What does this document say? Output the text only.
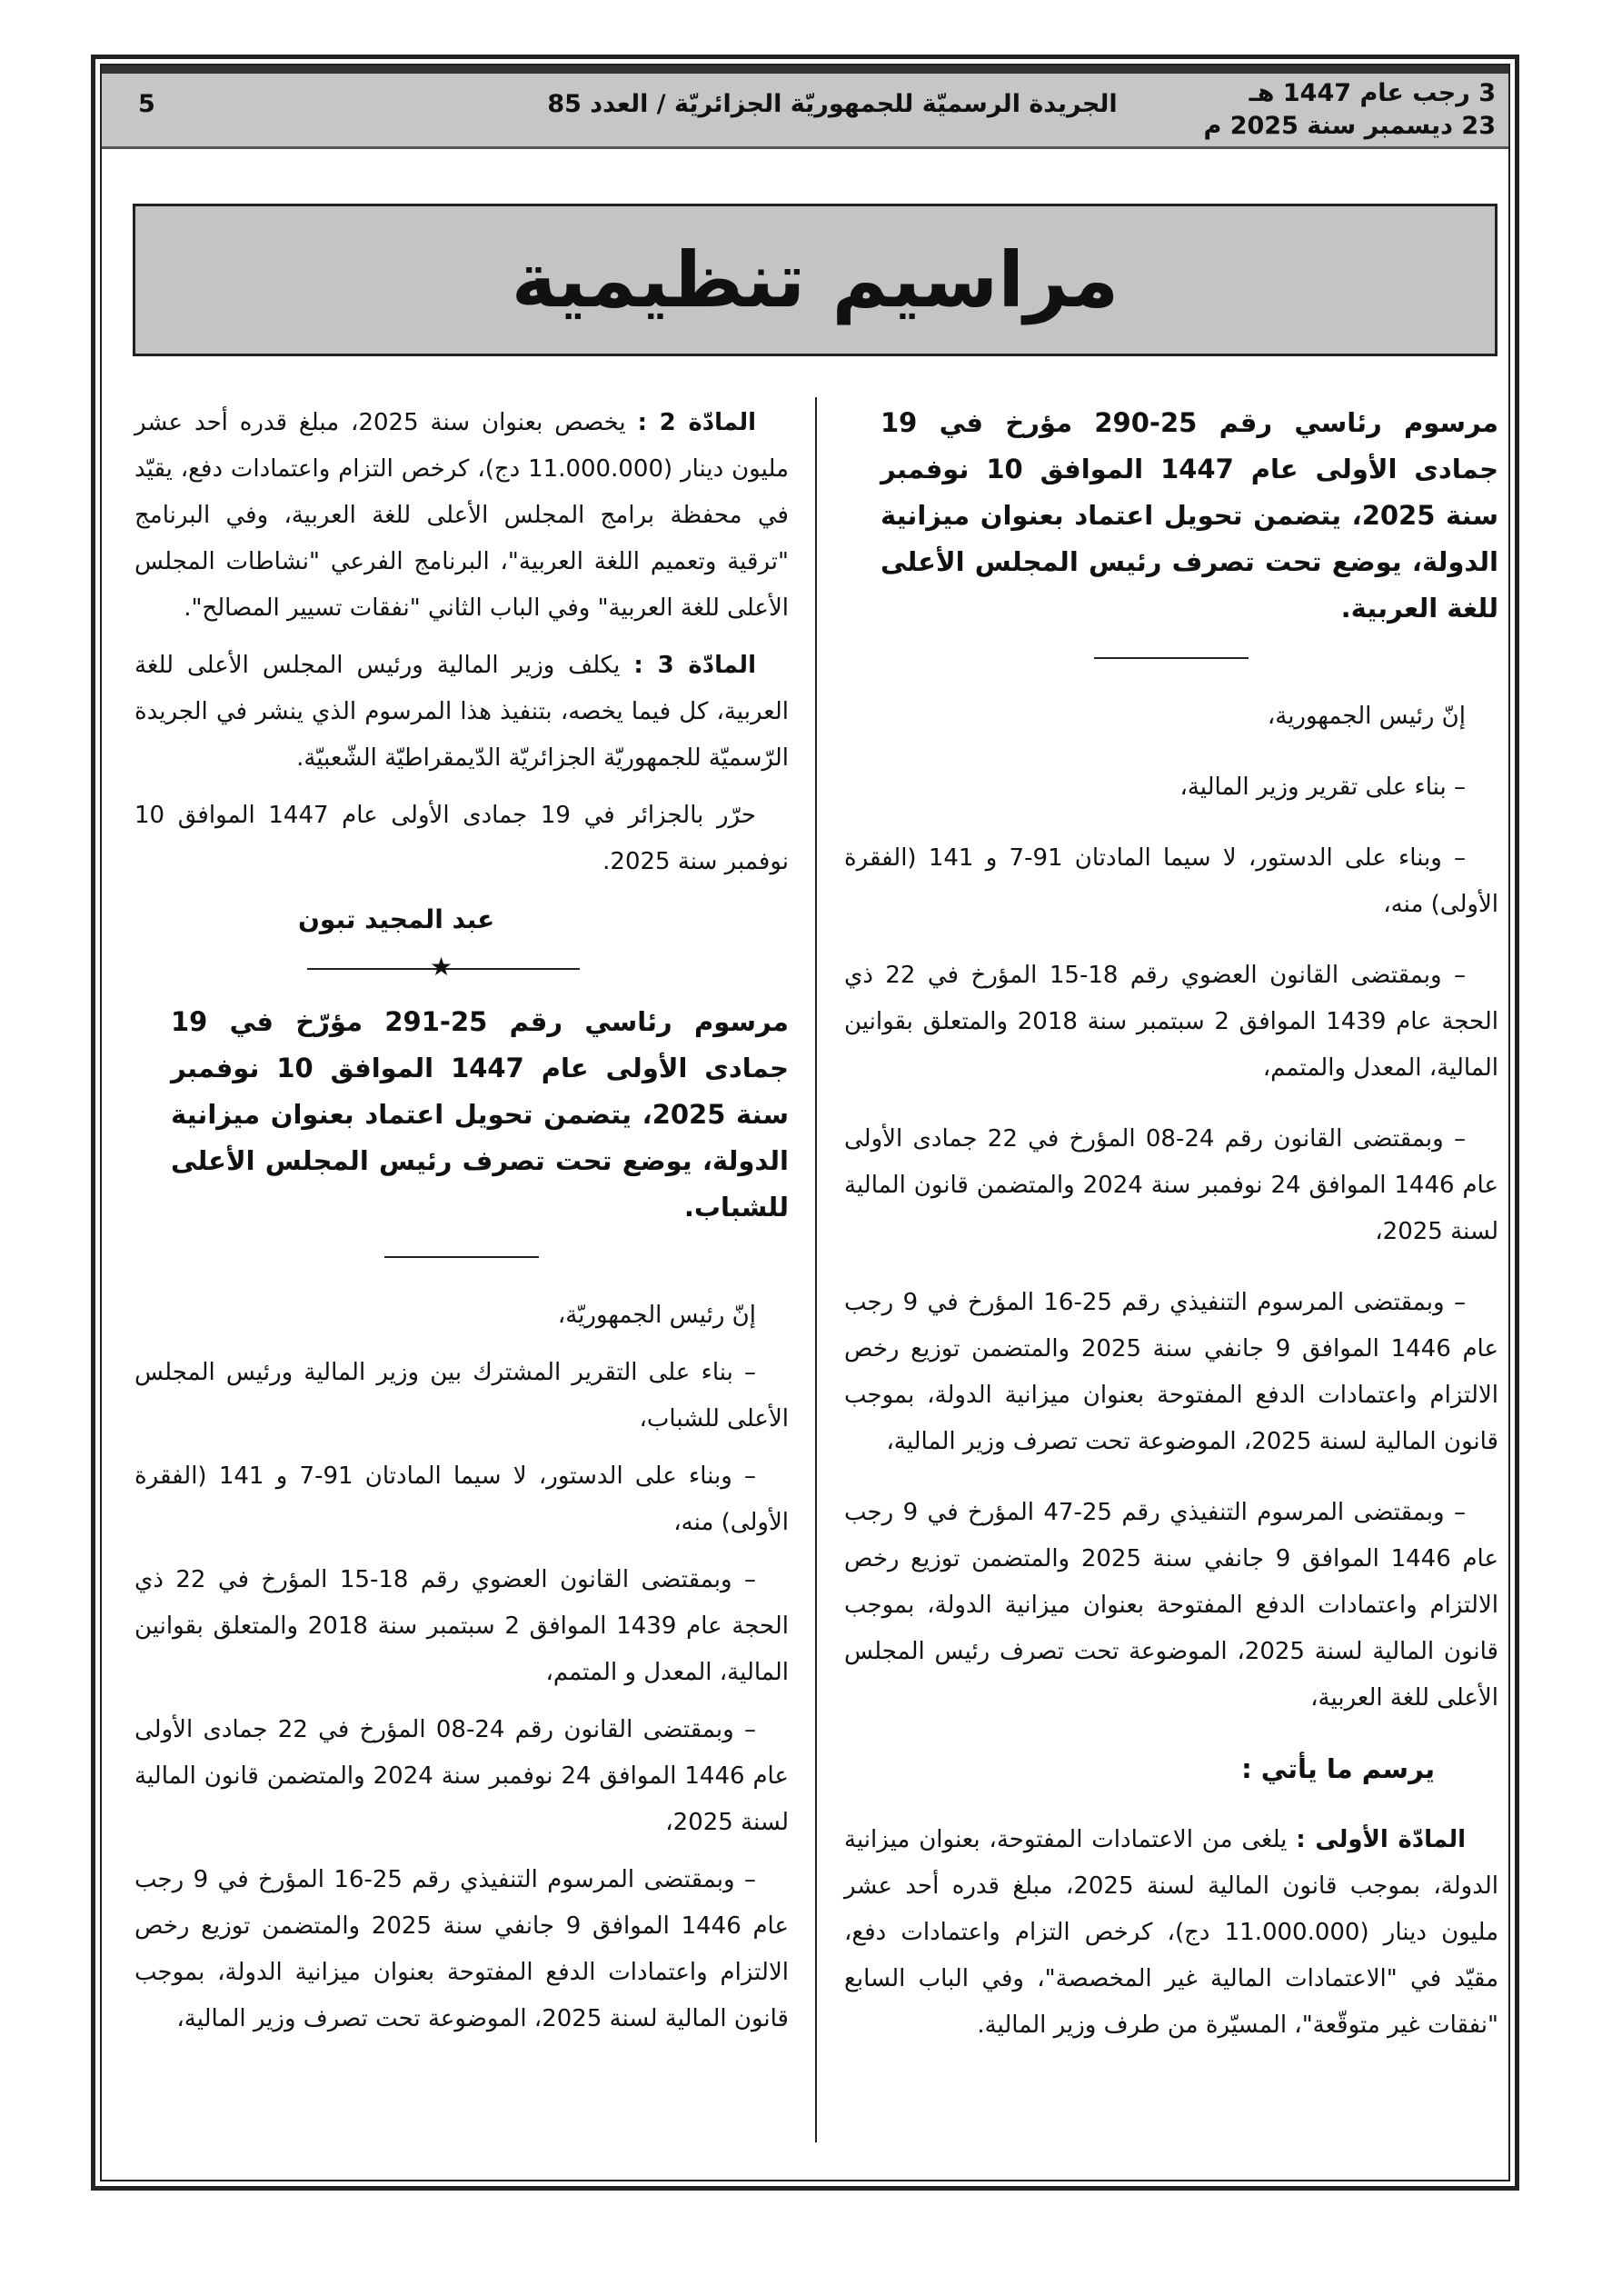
3 رجب عام 1447 هـ
23 ديسمبر سنة 2025 م
الجريدة الرسميّة للجمهوريّة الجزائريّة / العدد 85
5
مراسيم تنظيمية

مرسوم رئاسي رقم 25-290 مؤرخ في 19 جمادى الأولى عام 1447 الموافق 10 نوفمبر سنة 2025، يتضمن تحويل اعتماد بعنوان ميزانية الدولة، يوضع تحت تصرف رئيس المجلس الأعلى للغة العربية.

إنّ رئيس الجمهورية،

– بناء على تقرير وزير المالية،

– وبناء على الدستور، لا سيما المادتان 91-7 و 141 (الفقرة الأولى) منه،

– وبمقتضى القانون العضوي رقم 18-15 المؤرخ في 22 ذي الحجة عام 1439 الموافق 2 سبتمبر سنة 2018 والمتعلق بقوانين المالية، المعدل والمتمم،

– وبمقتضى القانون رقم 24-08 المؤرخ في 22 جمادى الأولى عام 1446 الموافق 24 نوفمبر سنة 2024 والمتضمن قانون المالية لسنة 2025،

– وبمقتضى المرسوم التنفيذي رقم 25-16 المؤرخ في 9 رجب عام 1446 الموافق 9 جانفي سنة 2025 والمتضمن توزيع رخص الالتزام واعتمادات الدفع المفتوحة بعنوان ميزانية الدولة، بموجب قانون المالية لسنة 2025، الموضوعة تحت تصرف وزير المالية،

– وبمقتضى المرسوم التنفيذي رقم 25-47 المؤرخ في 9 رجب عام 1446 الموافق 9 جانفي سنة 2025 والمتضمن توزيع رخص الالتزام واعتمادات الدفع المفتوحة بعنوان ميزانية الدولة، بموجب قانون المالية لسنة 2025، الموضوعة تحت تصرف رئيس المجلس الأعلى للغة العربية،

يرسم ما يأتي :

المادّة الأولى : يلغى من الاعتمادات المفتوحة، بعنوان ميزانية الدولة، بموجب قانون المالية لسنة 2025، مبلغ قدره أحد عشر مليون دينار (11.000.000 دج)، كرخص التزام واعتمادات دفع، مقيّد في "الاعتمادات المالية غير المخصصة"، وفي الباب السابع "نفقات غير متوقّعة"، المسيّرة من طرف وزير المالية.

المادّة 2 : يخصص بعنوان سنة 2025، مبلغ قدره أحد عشر مليون دينار (11.000.000 دج)، كرخص التزام واعتمادات دفع، يقيّد في محفظة برامج المجلس الأعلى للغة العربية، وفي البرنامج "ترقية وتعميم اللغة العربية"، البرنامج الفرعي "نشاطات المجلس الأعلى للغة العربية" وفي الباب الثاني "نفقات تسيير المصالح".

المادّة 3 : يكلف وزير المالية ورئيس المجلس الأعلى للغة العربية، كل فيما يخصه، بتنفيذ هذا المرسوم الذي ينشر في الجريدة الرّسميّة للجمهوريّة الجزائريّة الدّيمقراطيّة الشّعبيّة.

حرّر بالجزائر في 19 جمادى الأولى عام 1447 الموافق 10 نوفمبر سنة 2025.

عبد المجيد تبون

★

مرسوم رئاسي رقم 25-291 مؤرّخ في 19 جمادى الأولى عام 1447 الموافق 10 نوفمبر سنة 2025، يتضمن تحويل اعتماد بعنوان ميزانية الدولة، يوضع تحت تصرف رئيس المجلس الأعلى للشباب.

إنّ رئيس الجمهوريّة،

– بناء على التقرير المشترك بين وزير المالية ورئيس المجلس الأعلى للشباب،

– وبناء على الدستور، لا سيما المادتان 91-7 و 141 (الفقرة الأولى) منه،

– وبمقتضى القانون العضوي رقم 18-15 المؤرخ في 22 ذي الحجة عام 1439 الموافق 2 سبتمبر سنة 2018 والمتعلق بقوانين المالية، المعدل و المتمم،

– وبمقتضى القانون رقم 24-08 المؤرخ في 22 جمادى الأولى عام 1446 الموافق 24 نوفمبر سنة 2024 والمتضمن قانون المالية لسنة 2025،

– وبمقتضى المرسوم التنفيذي رقم 25-16 المؤرخ في 9 رجب عام 1446 الموافق 9 جانفي سنة 2025 والمتضمن توزيع رخص الالتزام واعتمادات الدفع المفتوحة بعنوان ميزانية الدولة، بموجب قانون المالية لسنة 2025، الموضوعة تحت تصرف وزير المالية،
